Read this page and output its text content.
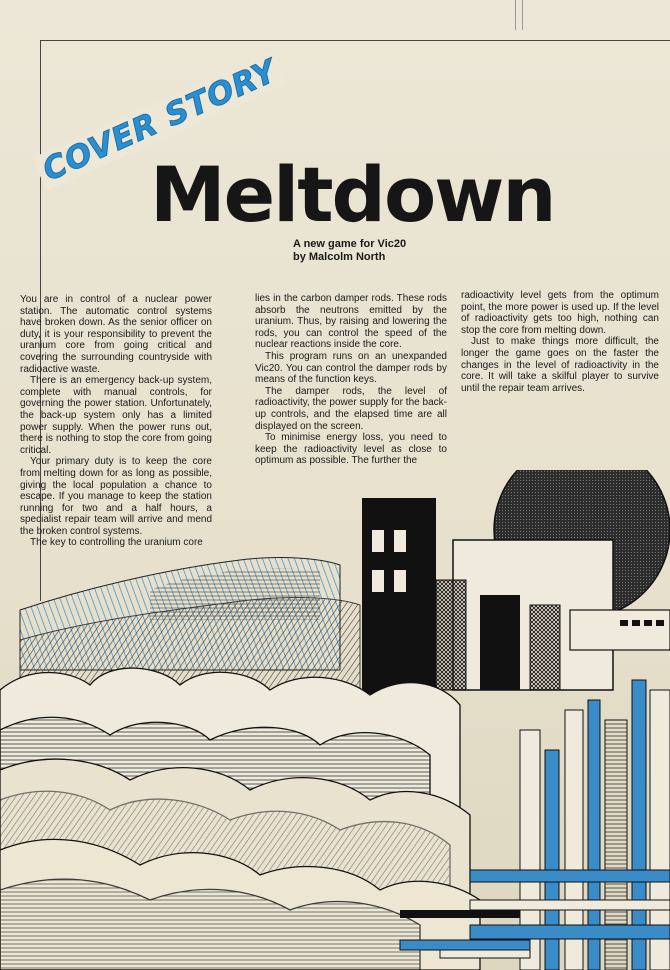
COVER STORY
Meltdown
A new game for Vic20
by Malcolm North

You are in control of a nuclear power station. The automatic control systems have broken down. As the senior officer on duty, it is your responsibility to prevent the uranium core from going critical and covering the surrounding countryside with radioactive waste.

There is an emergency back-up system, complete with manual controls, for governing the power station. Unfortunately, the back-up system only has a limited power supply. When the power runs out, there is nothing to stop the core from going critical.

Your primary duty is to keep the core from melting down for as long as possible, giving the local population a chance to escape. If you manage to keep the station running for two and a half hours, a specialist repair team will arrive and mend the broken control systems.

The key to controlling the uranium core

lies in the carbon damper rods. These rods absorb the neutrons emitted by the uranium. Thus, by raising and lowering the rods, you can control the speed of the nuclear reactions inside the core.

This program runs on an unexpanded Vic20. You can control the damper rods by means of the function keys.

The damper rods, the level of radioactivity, the power supply for the back-up controls, and the elapsed time are all displayed on the screen.

To minimise energy loss, you need to keep the radioactivity level as close to optimum as possible. The further the

radioactivity level gets from the optimum point, the more power is used up. If the level of radioactivity gets too high, nothing can stop the core from melting down.

Just to make things more difficult, the longer the game goes on the faster the changes in the level of radioactivity in the core. It will take a skilful player to survive until the repair team arrives.
